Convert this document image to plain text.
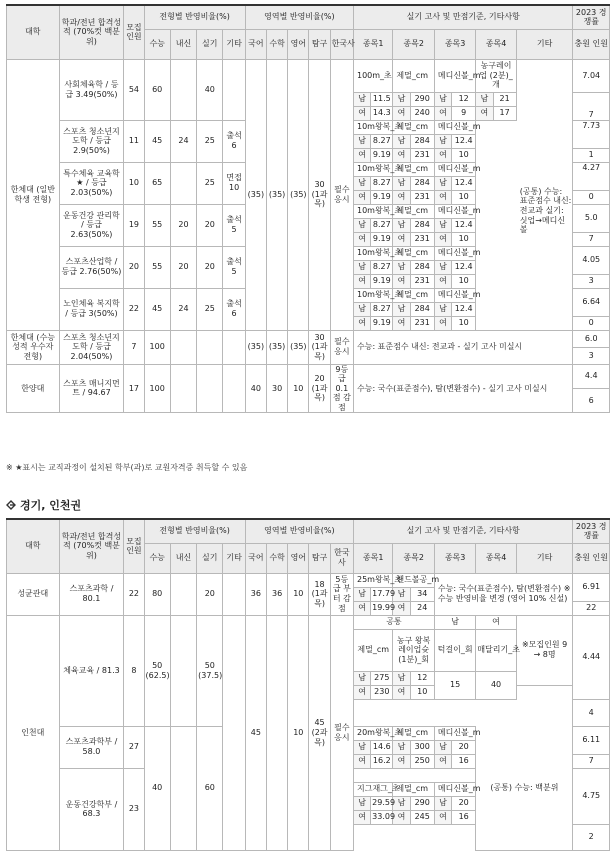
대학	학과/전년 합격성적 (70%컷 백분위)	모집 인원	전형별 반영비율(%)				영역별 반영비율(%)					실기 고사 및 만점기준, 기타사항									2023 경쟁률
			수능	내신	실기	기타	국어	수학	영어	탐구	한국사	종목1		종목2		종목3		종목4		기타	충원 인원
한체대 (일반학생 전형)	사회체육학 / 등급 3.49(50%)	54	60		40		(35)	(35)	(35)	30 (1과목)	필수 응시	100m_초		제멀_cm		메디신볼_m		농구레이업 (2분)_개			7.04
												남	11.5	남	290	남	12	남	21	(공통) 수능: 표준점수 내신: 전교과 실기: 싯업→메디신볼	7
												여	14.3	여	240	여	9	여	17		
	스포츠 청소년지도학 / 등급 2.9(50%)	11	45	24	25	출석 6						10m왕복_초		제멀_cm		메디신볼_m					7.73
												남	8.27	남	284	남	12.4				
												여	9.19	여	231	여	10				1
	특수체육 교육학★ / 등급 2.03(50%)	10	65		25	면접 10						10m왕복_초		제멀_cm		메디신볼_m					4.27
												남	8.27	남	284	남	12.4				
												여	9.19	여	231	여	10				0
	운동건강 관리학 / 등급 2.63(50%)	19	55	20	20	출석 5						10m왕복_초		제멀_cm		메디신볼_m					5.0
												남	8.27	남	284	남	12.4				
												여	9.19	여	231	여	10				7
	스포츠산업학 / 등급 2.76(50%)	20	55	20	20	출석 5						10m왕복_초		제멀_cm		메디신볼_m					4.05
												남	8.27	남	284	남	12.4				
												여	9.19	여	231	여	10				3
	노인체육 복지학 / 등급 3(50%)	22	45	24	25	출석 6						10m왕복_초		제멀_cm		메디신볼_m					6.64
												남	8.27	남	284	남	12.4				
												여	9.19	여	231	여	10				0
한체대 (수능 성적 우수자 전형)	스포츠 청소년지도학 / 등급 2.04(50%)	7	100				(35)	(35)	(35)	30 (1과목)	필수 응시	수능: 표준점수 내신: 전교과 - 실기 고사 미실시									6.0
																					3
한양대	스포츠 매니지먼트 / 94.67	17	100				40	30	10	20 (1과목)	9등급 0.1점 감점	수능: 국수(표준점수), 탐(변환점수) - 실기 고사 미실시									4.4
																					6
※ ★표시는 교직과정이 설치된 학부(과)로 교원자격증 취득할 수 있음
경기, 인천권
대학	학과/전년 합격성적 (70%컷 백분위)	모집 인원	전형별 반영비율(%)				영역별 반영비율(%)					실기 고사 및 만점기준, 기타사항								2023 경쟁률
			수능	내신	실기	기타	국어	수학	영어	탐구	한국사	종목1		종목2		종목3		종목4	기타	충원 인원
성균관대	스포츠과학 / 80.1	22	80		20		36	36	10	18 (1과목)	5등급 부터 감점	25m왕복_초		핸드볼공_m		수능: 국수(표준점수), 탐(변환점수) ※ 수능 반영비율 변경 (영어 10% 신설)				6.91
												남	17.79	남	34					
												여	19.99	여	24					22
인천대	체육교육 / 81.3	8	50 (62.5)		50 (37.5)		45		10	45 (2과목)	필수 응시	공통				남		여	※모집인원 9 → 8명	4.44
												제멀_cm		농구 왕복 레이업슛 (1분)_회		턱걸이_회		매달리기_초		
												남	275	남	12	15		40		
												여	230	여	10					
																				4

	스포츠과학부 / 58.0	27	40		60							20m왕복_초		제멀_cm		메디신볼_m		(공통) 수능: 백분위		6.11
												남	14.6	남	300	남	20			
												여	16.2	여	250	여	16			7
	운동건강학부 / 68.3	23																		4.75
												지그재그_초		제멀_cm		메디신볼_m				
												남	29.59	남	290	남	20			
												여	33.09	여	245	여	16			
																				2
